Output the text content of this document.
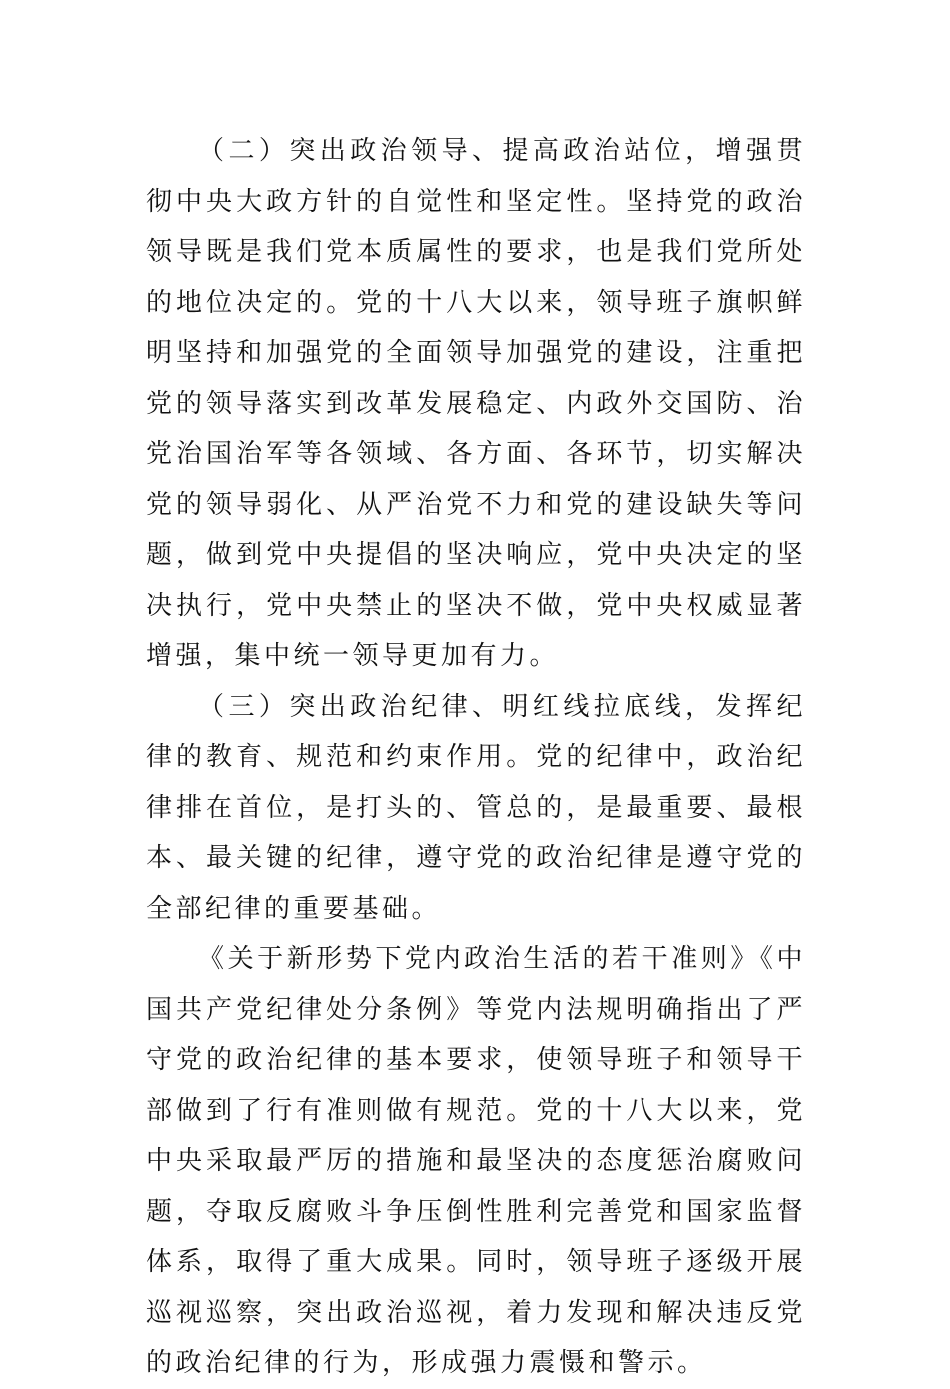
（二）突出政治领导、提高政治站位，增强贯彻中央大政方针的自觉性和坚定性。坚持党的政治领导既是我们党本质属性的要求，也是我们党所处的地位决定的。党的十八大以来，领导班子旗帜鲜明坚持和加强党的全面领导加强党的建设，注重把党的领导落实到改革发展稳定、内政外交国防、治党治国治军等各领域、各方面、各环节，切实解决党的领导弱化、从严治党不力和党的建设缺失等问题，做到党中央提倡的坚决响应，党中央决定的坚决执行，党中央禁止的坚决不做，党中央权威显著增强，集中统一领导更加有力。

（三）突出政治纪律、明红线拉底线，发挥纪律的教育、规范和约束作用。党的纪律中，政治纪律排在首位，是打头的、管总的，是最重要、最根本、最关键的纪律，遵守党的政治纪律是遵守党的全部纪律的重要基础。

《关于新形势下党内政治生活的若干准则》《中国共产党纪律处分条例》等党内法规明确指出了严守党的政治纪律的基本要求，使领导班子和领导干部做到了行有准则做有规范。党的十八大以来，党中央采取最严厉的措施和最坚决的态度惩治腐败问题，夺取反腐败斗争压倒性胜利完善党和国家监督体系，取得了重大成果。同时，领导班子逐级开展巡视巡察，突出政治巡视，着力发现和解决违反党的政治纪律的行为，形成强力震慑和警示。
